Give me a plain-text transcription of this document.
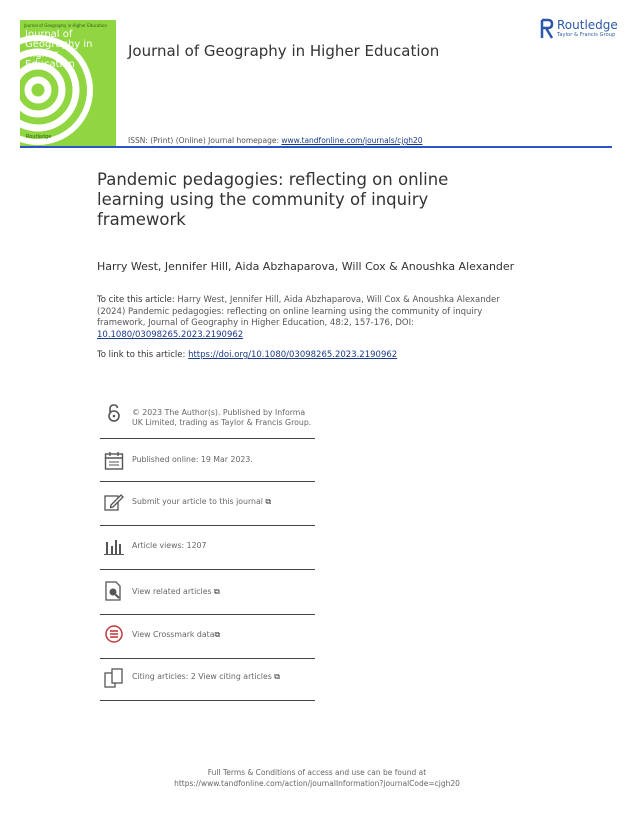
Journal of Geography in Higher Education
Journal of Geography in Higher Education
Routledge
Journal of Geography in Higher Education
Routledge
Taylor & Francis Group
ISSN: (Print) (Online) Journal homepage: www.tandfonline.com/journals/cjgh20
Pandemic pedagogies: reflecting on online learning using the community of inquiry framework
Harry West, Jennifer Hill, Aida Abzhaparova, Will Cox & Anoushka Alexander
To cite this article: Harry West, Jennifer Hill, Aida Abzhaparova, Will Cox & Anoushka Alexander (2024) Pandemic pedagogies: reflecting on online learning using the community of inquiry framework, Journal of Geography in Higher Education, 48:2, 157-176, DOI: 10.1080/03098265.2023.2190962
To link to this article: https://doi.org/10.1080/03098265.2023.2190962
© 2023 The Author(s). Published by Informa UK Limited, trading as Taylor & Francis Group.
Published online: 19 Mar 2023.
Submit your article to this journal ⧉
Article views: 1207
View related articles ⧉
View Crossmark data⧉
Citing articles: 2 View citing articles ⧉
Full Terms & Conditions of access and use can be found at
https://www.tandfonline.com/action/journalInformation?journalCode=cjgh20
